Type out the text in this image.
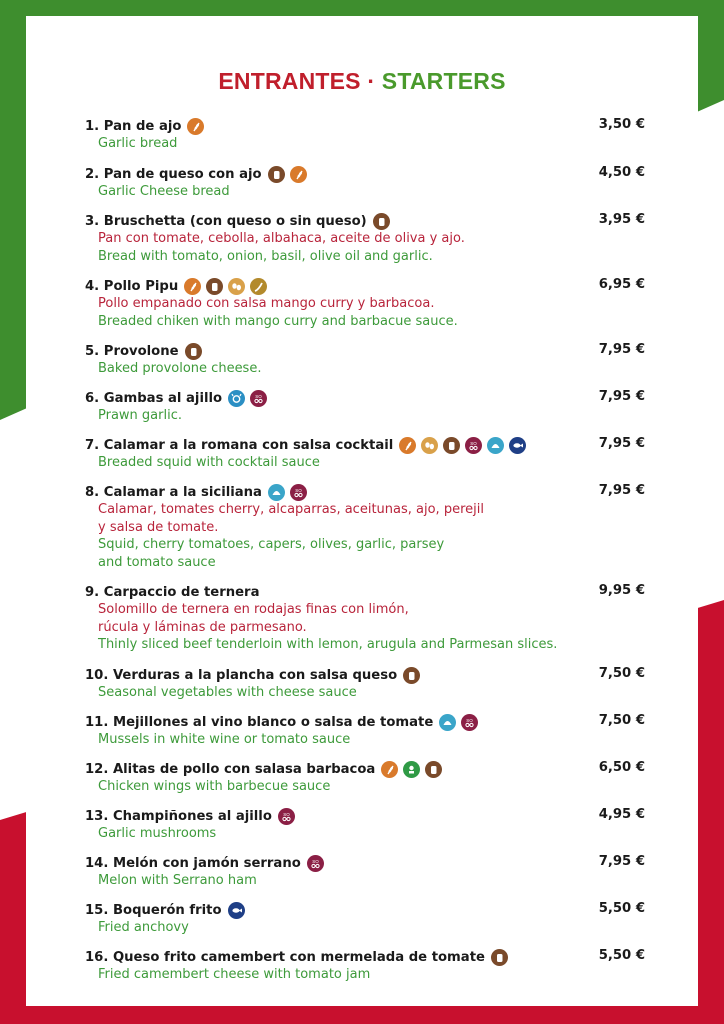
ENTRANTES · STARTERS
1. Pan de ajo	3,50 €
Garlic bread
2. Pan de queso con ajo	4,50 €
Garlic Cheese bread
3. Bruschetta (con queso o sin queso)	3,95 €
Pan con tomate, cebolla, albahaca, aceite de oliva y ajo.
Bread with tomato, onion, basil, olive oil and garlic.
4. Pollo Pipu	6,95 €
Pollo empanado con salsa mango curry y barbacoa.
Breaded chiken with mango curry and barbacue sauce.
5. Provolone	7,95 €
Baked provolone cheese.
6. Gambas al ajillo	SO	7,95 €
Prawn garlic.
7. Calamar a la romana con salsa cocktail	SO	7,95 €
Breaded squid with cocktail sauce
8. Calamar a la siciliana	SO	7,95 €
Calamar, tomates cherry, alcaparras, aceitunas, ajo, perejil
y salsa de tomate.
Squid, cherry tomatoes, capers, olives, garlic, parsey
and tomato sauce
9. Carpaccio de ternera	9,95 €
Solomillo de ternera en rodajas finas con limón,
rúcula y láminas de parmesano.
Thinly sliced beef tenderloin with lemon, arugula and Parmesan slices.
10. Verduras a la plancha con salsa queso	7,50 €
Seasonal vegetables with cheese sauce
11. Mejillones al vino blanco o salsa de tomate	SO	7,50 €
Mussels in white wine or tomato sauce
12. Alitas de pollo con salasa barbacoa	6,50 €
Chicken wings with barbecue sauce
13. Champiñones al ajillo SO	4,95 €
Garlic mushrooms
14. Melón con jamón serrano SO	7,95 €
Melon with Serrano ham
15. Boquerón frito	5,50 €
Fried anchovy
16. Queso frito camembert con mermelada de tomate	5,50 €
Fried camembert cheese with tomato jam
